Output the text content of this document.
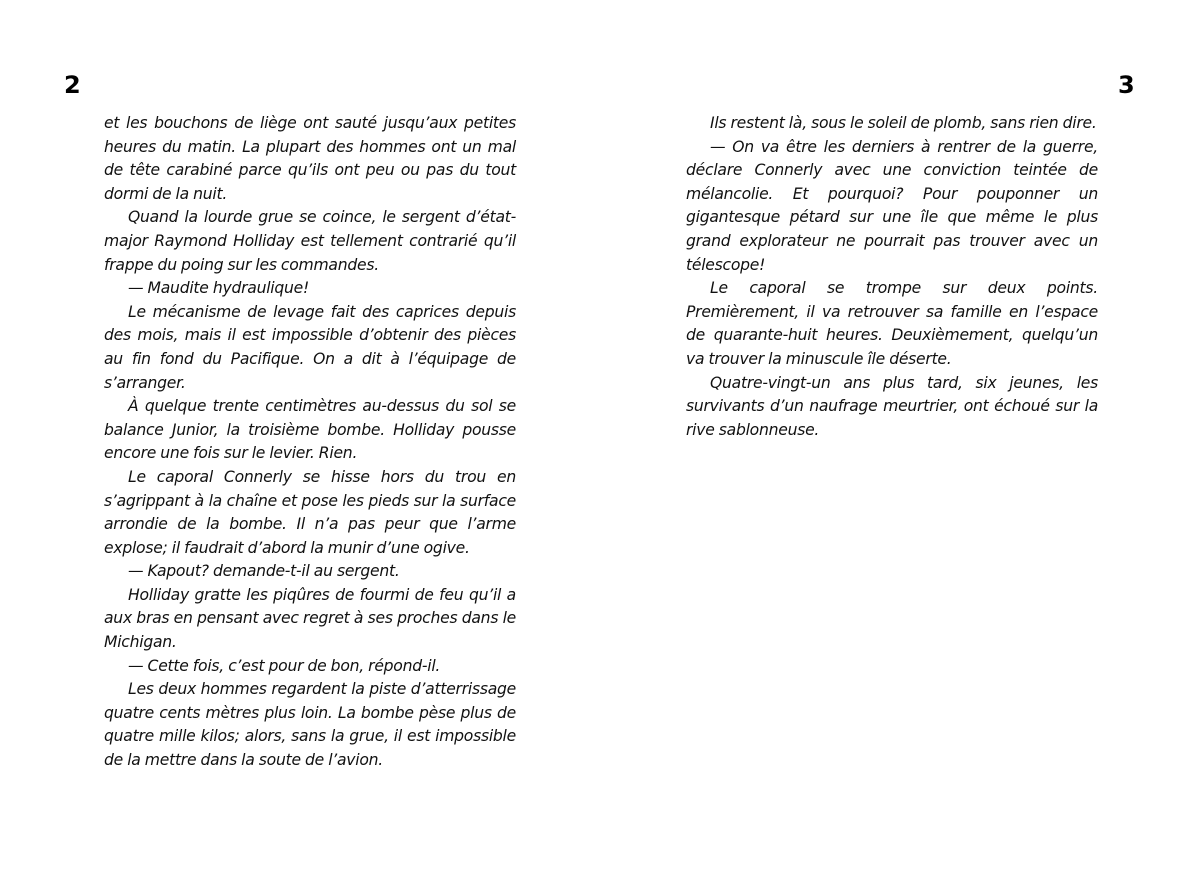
2	3

et les bouchons de liège ont sauté jusqu’aux petites heures du matin. La plupart des hommes ont un mal de tête carabiné parce qu’ils ont peu ou pas du tout dormi de la nuit.

Quand la lourde grue se coince, le sergent d’état-major Raymond Holliday est tellement contrarié qu’il frappe du poing sur les commandes.

— Maudite hydraulique!

Le mécanisme de levage fait des caprices depuis des mois, mais il est impossible d’obtenir des pièces au fin fond du Pacifique. On a dit à l’équipage de s’arranger.

À quelque trente centimètres au-dessus du sol se balance Junior, la troisième bombe. Holliday pousse encore une fois sur le levier. Rien.

Le caporal Connerly se hisse hors du trou en s’agrippant à la chaîne et pose les pieds sur la surface arrondie de la bombe. Il n’a pas peur que l’arme explose; il faudrait d’abord la munir d’une ogive.

— Kapout? demande-t-il au sergent.

Holliday gratte les piqûres de fourmi de feu qu’il a aux bras en pensant avec regret à ses proches dans le Michigan.

— Cette fois, c’est pour de bon, répond-il.

Les deux hommes regardent la piste d’atterrissage quatre cents mètres plus loin. La bombe pèse plus de quatre mille kilos; alors, sans la grue, il est impossible de la mettre dans la soute de l’avion.

Ils restent là, sous le soleil de plomb, sans rien dire.

— On va être les derniers à rentrer de la guerre, déclare Connerly avec une conviction teintée de mélancolie. Et pourquoi? Pour pouponner un gigantesque pétard sur une île que même le plus grand explorateur ne pourrait pas trouver avec un télescope!

Le caporal se trompe sur deux points. Premièrement, il va retrouver sa famille en l’espace de quarante-huit heures. Deuxièmement, quelqu’un va trouver la minuscule île déserte.

Quatre-vingt-un ans plus tard, six jeunes, les survivants d’un naufrage meurtrier, ont échoué sur la rive sablonneuse.
